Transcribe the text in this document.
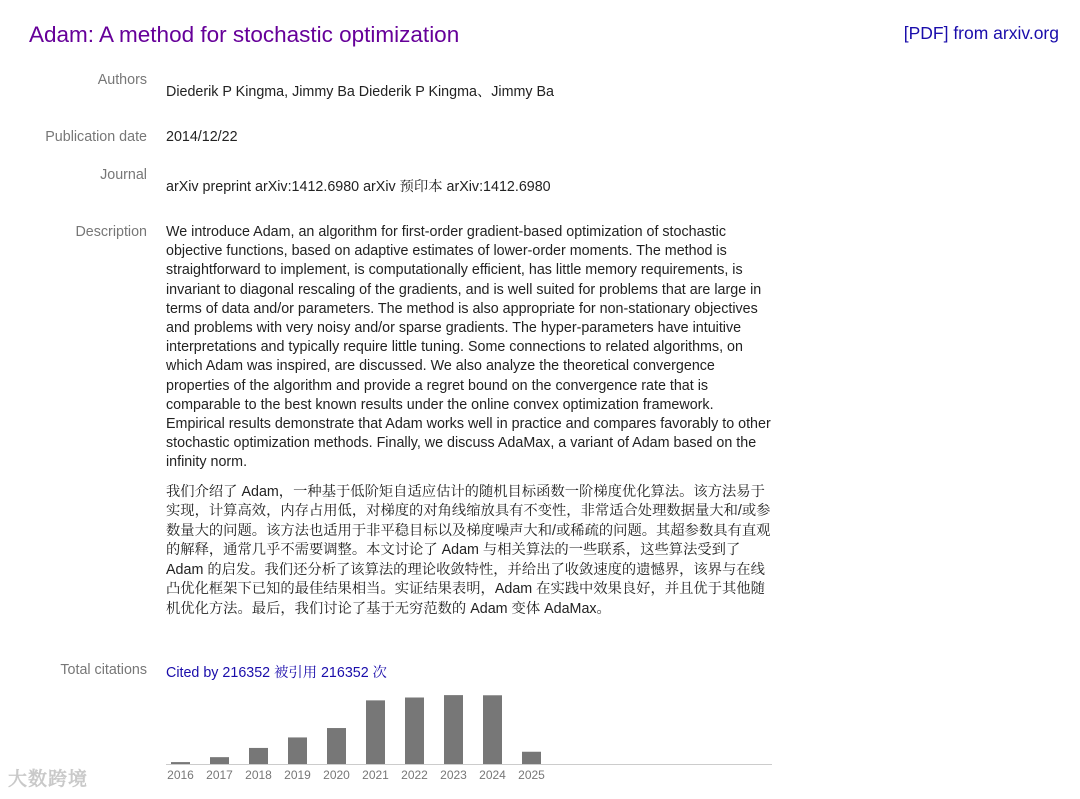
Adam: A method for stochastic optimization	[PDF] from arxiv.org
Authors
Diederik P Kingma, Jimmy Ba Diederik P Kingma、Jimmy Ba
Publication date 2014/12/22
Journal
arXiv preprint arXiv:1412.6980 arXiv 预印本 arXiv:1412.6980
Description We introduce Adam, an algorithm for first-order gradient-based optimization of stochastic objective functions, based on adaptive estimates of lower-order moments. The method is straightforward to implement, is computationally efficient, has little memory requirements, is invariant to diagonal rescaling of the gradients, and is well suited for problems that are large in terms of data and/or parameters. The method is also appropriate for non-stationary objectives and problems with very noisy and/or sparse gradients. The hyper-parameters have intuitive interpretations and typically require little tuning. Some connections to related algorithms, on which Adam was inspired, are discussed. We also analyze the theoretical convergence properties of the algorithm and provide a regret bound on the convergence rate that is comparable to the best known results under the online convex optimization framework. Empirical results demonstrate that Adam works well in practice and compares favorably to other stochastic optimization methods. Finally, we discuss AdaMax, a variant of Adam based on the infinity norm.

我们介绍了 Adam，一种基于低阶矩自适应估计的随机目标函数一阶梯度优化算法。该方法易于实现，计算高效，内存占用低，对梯度的对角线缩放具有不变性，非常适合处理数据量大和/或参数量大的问题。该方法也适用于非平稳目标以及梯度噪声大和/或稀疏的问题。其超参数具有直观的解释，通常几乎不需要调整。本文讨论了 Adam 与相关算法的一些联系，这些算法受到了 Adam 的启发。我们还分析了该算法的理论收敛特性，并给出了收敛速度的遗憾界，该界与在线凸优化框架下已知的最佳结果相当。实证结果表明，Adam 在实践中效果良好，并且优于其他随机优化方法。最后，我们讨论了基于无穷范数的 Adam 变体 AdaMax。

Total citations Cited by 216352 被引用 216352 次
2016 2017 2018 2019 2020 2021 2022 2023 2024 2025
大数跨境
